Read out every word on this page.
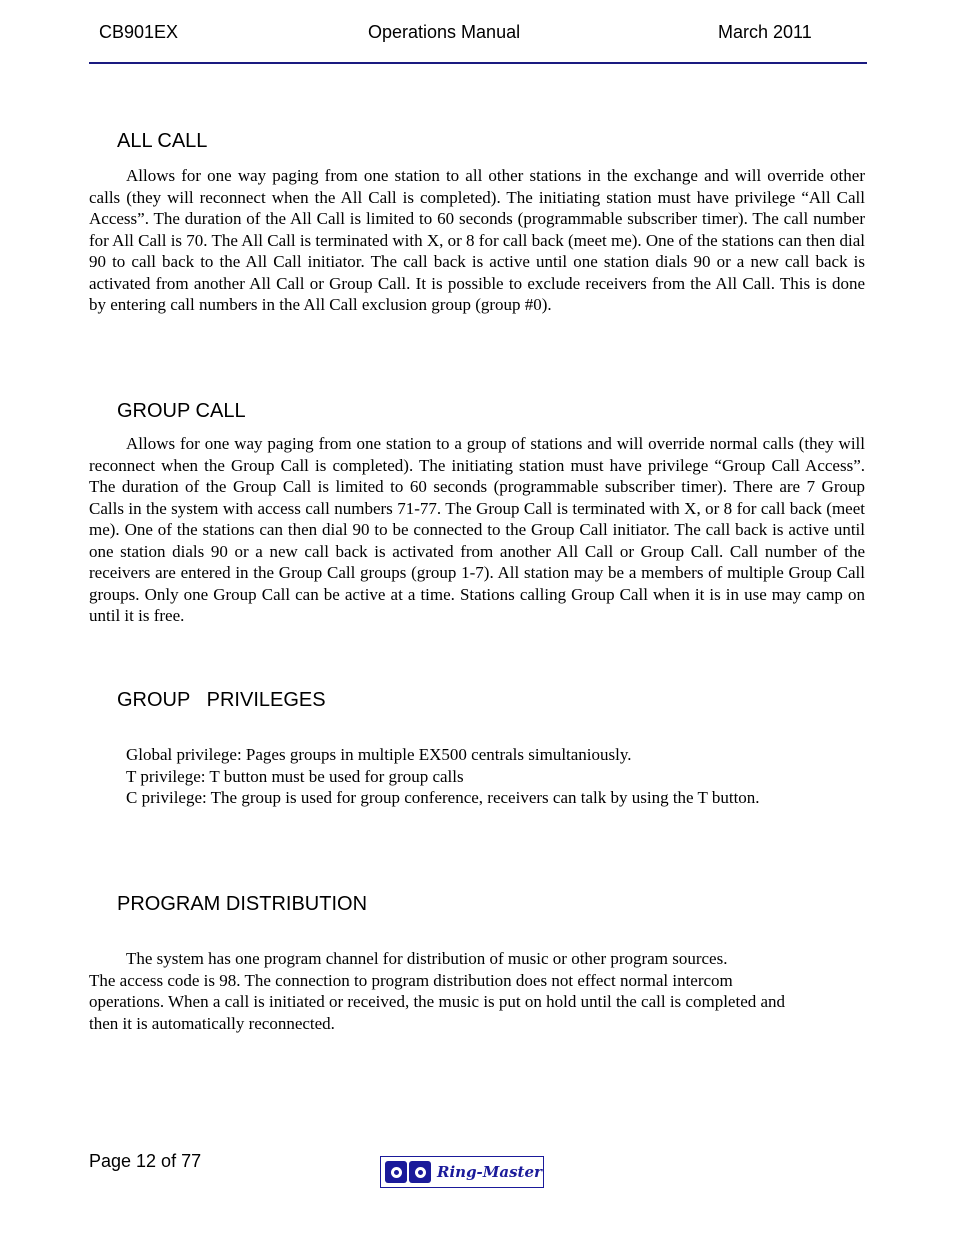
CB901EX	Operations Manual	March 2011
ALL CALL

Allows for one way paging from one station to all other stations in the exchange and will override other calls (they will reconnect when the All Call is completed). The initiating station must have privilege “All Call Access”. The duration of the All Call is limited to 60 seconds (programmable subscriber timer). The call number for All Call is 70. The All Call is terminated with X, or 8 for call back (meet me). One of the stations can then dial 90 to call back to the All Call initiator. The call back is active until one station dials 90 or a new call back is activated from another All Call or Group Call. It is possible to exclude receivers from the All Call. This is done by entering call numbers in the All Call exclusion group (group #0).

GROUP CALL

Allows for one way paging from one station to a group of stations and will override normal calls (they will reconnect when the Group Call is completed). The initiating station must have privilege “Group Call Access”. The duration of the Group Call is limited to 60 seconds (programmable subscriber timer). There are 7 Group Calls in the system with access call numbers 71-77. The Group Call is terminated with X, or 8 for call back (meet me). One of the stations can then dial 90 to be connected to the Group Call initiator. The call back is active until one station dials 90 or a new call back is activated from another All Call or Group Call. Call number of the receivers are entered in the Group Call groups (group 1-7). All station may be a members of multiple Group Call groups. Only one Group Call can be active at a time. Stations calling Group Call when it is in use may camp on until it is free.

GROUP   PRIVILEGES
Global privilege: Pages groups in multiple EX500 centrals simultaniously.
T privilege: T button must be used for group calls
C privilege: The group is used for group conference, receivers can talk by using the T button.
PROGRAM DISTRIBUTION
The system has one program channel for distribution of music or other program sources.
The access code is 98. The connection to program distribution does not effect normal intercom
operations. When a call is initiated or received, the music is put on hold until the call is completed and
then it is automatically reconnected.
Page 12 of 77
Ring-Master
